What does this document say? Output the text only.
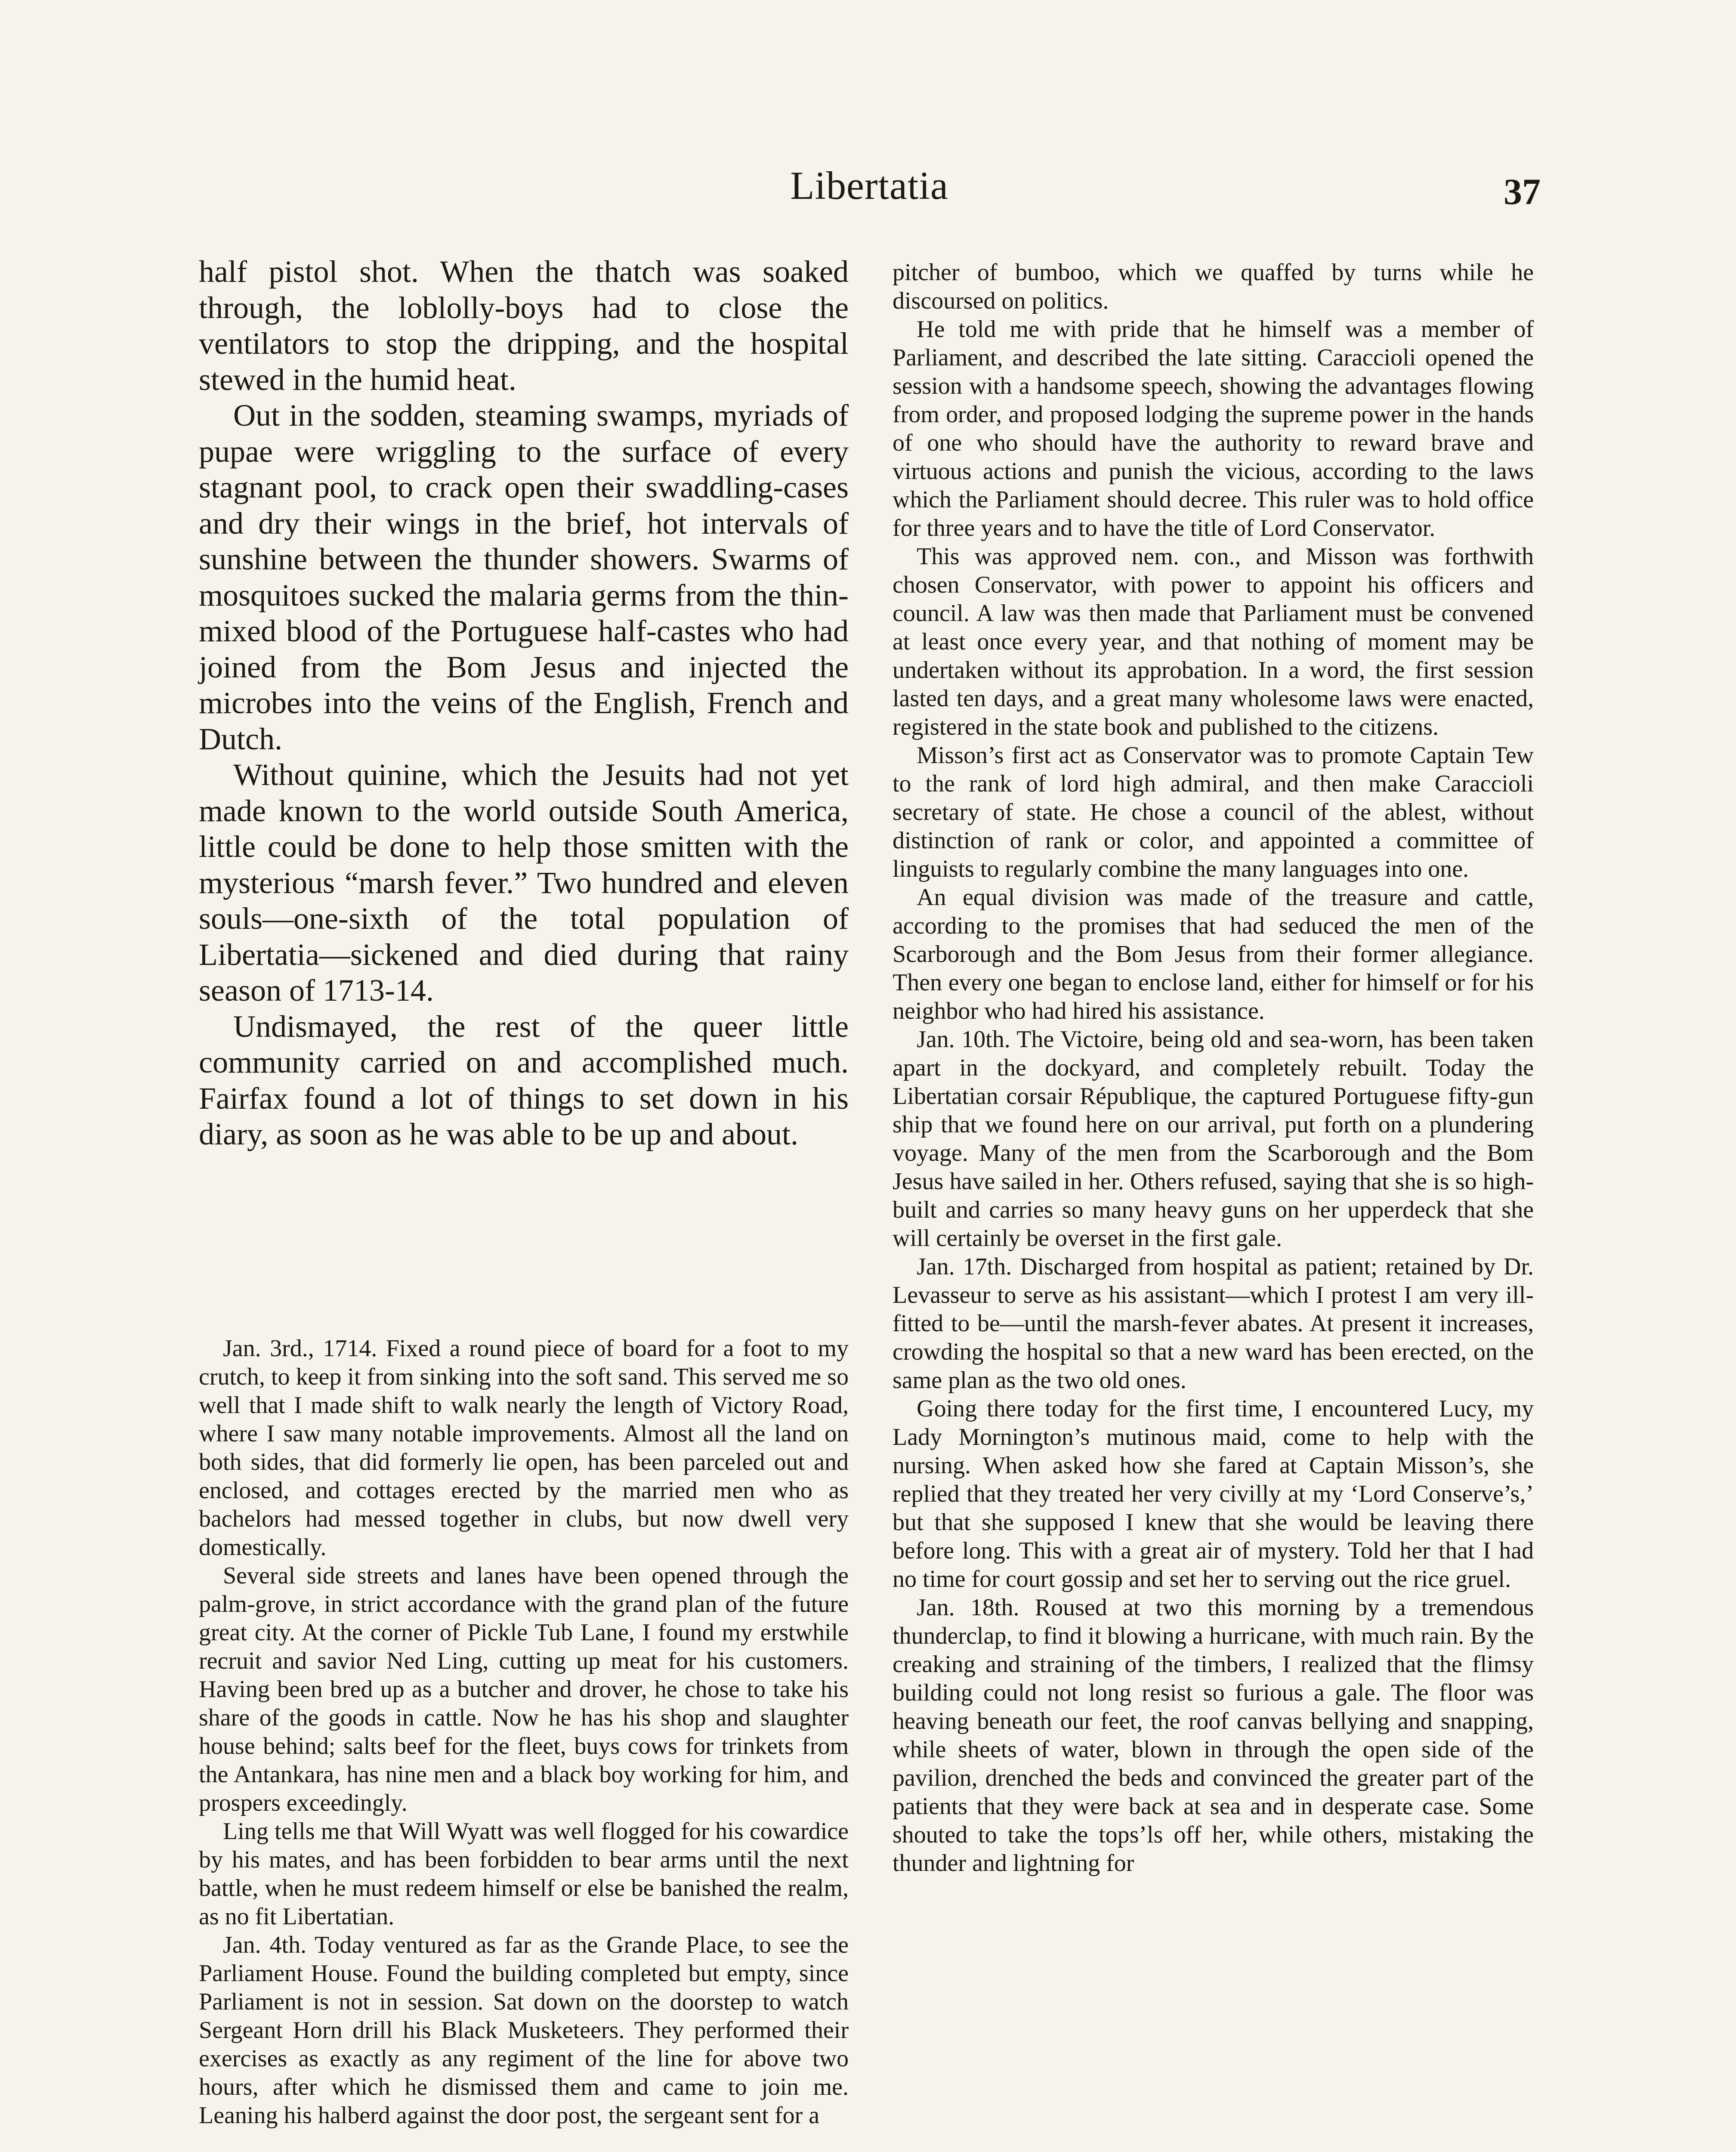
Libertatia	37

half pistol shot. When the thatch was soaked through, the loblolly-boys had to close the ventilators to stop the dripping, and the hospital stewed in the humid heat.

Out in the sodden, steaming swamps, myriads of pupae were wriggling to the surface of every stagnant pool, to crack open their swaddling-cases and dry their wings in the brief, hot intervals of sunshine between the thunder showers. Swarms of mosquitoes sucked the malaria germs from the thin-mixed blood of the Portuguese half-castes who had joined from the Bom Jesus and injected the microbes into the veins of the English, French and Dutch.

Without quinine, which the Jesuits had not yet made known to the world outside South America, little could be done to help those smitten with the mysterious “marsh fever.” Two hundred and eleven souls—one-sixth of the total population of Libertatia—sickened and died during that rainy season of 1713-14.

Undismayed, the rest of the queer little community carried on and accomplished much. Fairfax found a lot of things to set down in his diary, as soon as he was able to be up and about.

Jan. 3rd., 1714. Fixed a round piece of board for a foot to my crutch, to keep it from sinking into the soft sand. This served me so well that I made shift to walk nearly the length of Victory Road, where I saw many notable improvements. Almost all the land on both sides, that did formerly lie open, has been parceled out and enclosed, and cottages erected by the married men who as bachelors had messed together in clubs, but now dwell very domestically.

Several side streets and lanes have been opened through the palm-grove, in strict accordance with the grand plan of the future great city. At the corner of Pickle Tub Lane, I found my erstwhile recruit and savior Ned Ling, cutting up meat for his customers. Having been bred up as a butcher and drover, he chose to take his share of the goods in cattle. Now he has his shop and slaughter house behind; salts beef for the fleet, buys cows for trinkets from the Antankara, has nine men and a black boy working for him, and prospers exceedingly.

Ling tells me that Will Wyatt was well flogged for his cowardice by his mates, and has been forbidden to bear arms until the next battle, when he must redeem himself or else be banished the realm, as no fit Libertatian.

Jan. 4th. Today ventured as far as the Grande Place, to see the Parliament House. Found the building completed but empty, since Parliament is not in session. Sat down on the doorstep to watch Sergeant Horn drill his Black Musketeers. They performed their exercises as exactly as any regiment of the line for above two hours, after which he dismissed them and came to join me. Leaning his halberd against the door post, the sergeant sent for a

pitcher of bumboo, which we quaffed by turns while he discoursed on politics.

He told me with pride that he himself was a member of Parliament, and described the late sitting. Caraccioli opened the session with a handsome speech, showing the advantages flowing from order, and proposed lodging the supreme power in the hands of one who should have the authority to reward brave and virtuous actions and punish the vicious, according to the laws which the Parliament should decree. This ruler was to hold office for three years and to have the title of Lord Conservator.

This was approved nem. con., and Misson was forthwith chosen Conservator, with power to appoint his officers and council. A law was then made that Parliament must be convened at least once every year, and that nothing of moment may be undertaken without its approbation. In a word, the first session lasted ten days, and a great many wholesome laws were enacted, registered in the state book and published to the citizens.

Misson’s first act as Conservator was to promote Captain Tew to the rank of lord high admiral, and then make Caraccioli secretary of state. He chose a council of the ablest, without distinction of rank or color, and appointed a committee of linguists to regularly combine the many languages into one.

An equal division was made of the treasure and cattle, according to the promises that had seduced the men of the Scarborough and the Bom Jesus from their former allegiance. Then every one began to enclose land, either for himself or for his neighbor who had hired his assistance.

Jan. 10th. The Victoire, being old and sea-worn, has been taken apart in the dockyard, and completely rebuilt. Today the Libertatian corsair République, the captured Portuguese fifty-gun ship that we found here on our arrival, put forth on a plundering voyage. Many of the men from the Scarborough and the Bom Jesus have sailed in her. Others refused, saying that she is so high-built and carries so many heavy guns on her upperdeck that she will certainly be overset in the first gale.

Jan. 17th. Discharged from hospital as patient; retained by Dr. Levasseur to serve as his assistant—which I protest I am very ill-fitted to be—until the marsh-fever abates. At present it increases, crowding the hospital so that a new ward has been erected, on the same plan as the two old ones.

Going there today for the first time, I encountered Lucy, my Lady Mornington’s mutinous maid, come to help with the nursing. When asked how she fared at Captain Misson’s, she replied that they treated her very civilly at my ‘Lord Conserve’s,’ but that she supposed I knew that she would be leaving there before long. This with a great air of mystery. Told her that I had no time for court gossip and set her to serving out the rice gruel.

Jan. 18th. Roused at two this morning by a tremendous thunderclap, to find it blowing a hurricane, with much rain. By the creaking and straining of the timbers, I realized that the flimsy building could not long resist so furious a gale. The floor was heaving beneath our feet, the roof canvas bellying and snapping, while sheets of water, blown in through the open side of the pavilion, drenched the beds and convinced the greater part of the patients that they were back at sea and in desperate case. Some shouted to take the tops’ls off her, while others, mistaking the thunder and lightning for
